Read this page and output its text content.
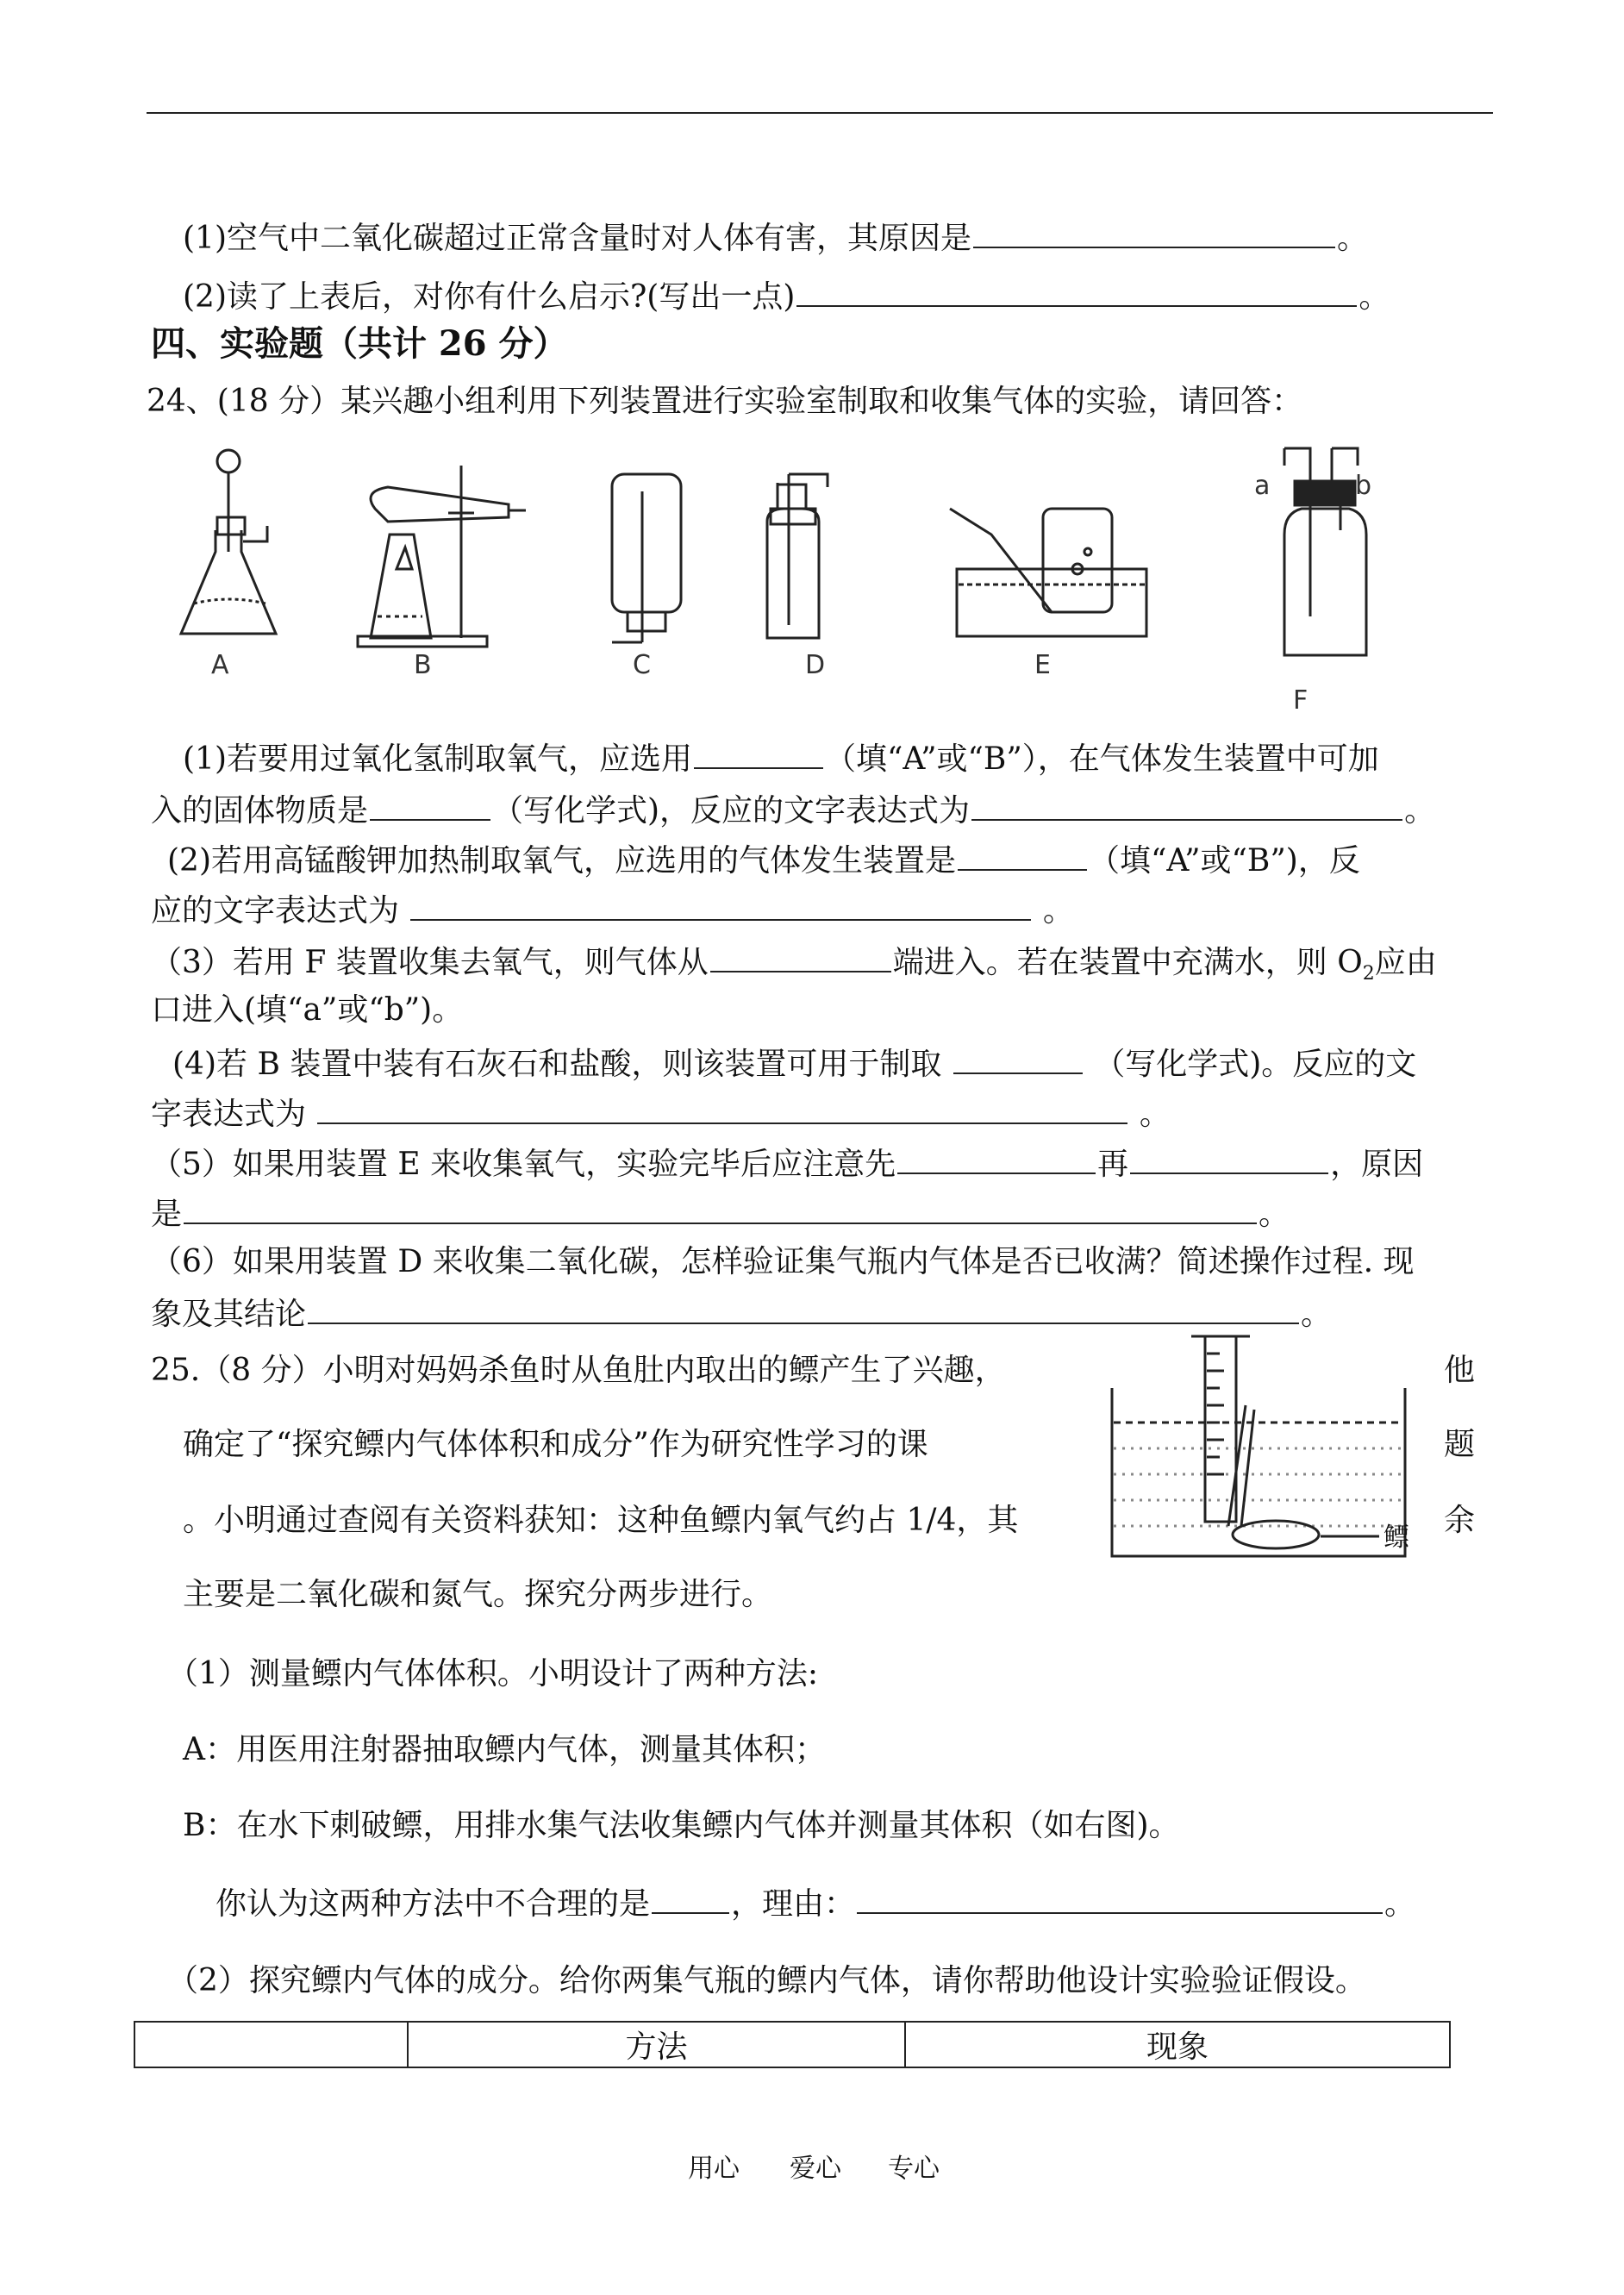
(1)空气中二氧化碳超过正常含量时对人体有害，其原因是	。
(2)读了上表后，对你有什么启示?(写出一点)	。
四、实验题（共计 26 分）
24、(18 分）某兴趣小组利用下列装置进行实验室制取和收集气体的实验，请回答：
A	B	C	D	E
F
a	b
(1)若要用过氧化氢制取氧气，应选用	（填“A”或“B”），在气体发生装置中可加
入的固体物质是	（写化学式)，反应的文字表达式为	。
(2)若用高锰酸钾加热制取氧气，应选用的气体发生装置是	（填“A”或“B”)，反
应的文字表达式为	。
（3）若用 F 装置收集去氧气，则气体从	端进入。若在装置中充满水，则 $O_2$应由
口进入(填“a”或“b”)。
(4)若 B 装置中装有石灰石和盐酸，则该装置可用于制取	（写化学式)。反应的文
字表达式为	。
（5）如果用装置 E 来收集氧气，实验完毕后应注意先	再	，原因
是	。
（6）如果用装置 D 来收集二氧化碳，怎样验证集气瓶内气体是否已收满？简述操作过程. 现
象及其结论	。
25.（8 分）小明对妈妈杀鱼时从鱼肚内取出的鳔产生了兴趣，	他
确定了“探究鳔内气体体积和成分”作为研究性学习的课	题
。小明通过查阅有关资料获知：这种鱼鳔内氧气约占 1/4，其	余
主要是二氧化碳和氮气。探究分两步进行。
鳔
（1）测量鳔内气体体积。小明设计了两种方法:
A：用医用注射器抽取鳔内气体，测量其体积；
B：在水下刺破鳔，用排水集气法收集鳔内气体并测量其体积（如右图)。
你认为这两种方法中不合理的是	，理由：	。
（2）探究鳔内气体的成分。给你两集气瓶的鳔内气体，请你帮助他设计实验验证假设。
	方法	现象
用心 爱心 专心
